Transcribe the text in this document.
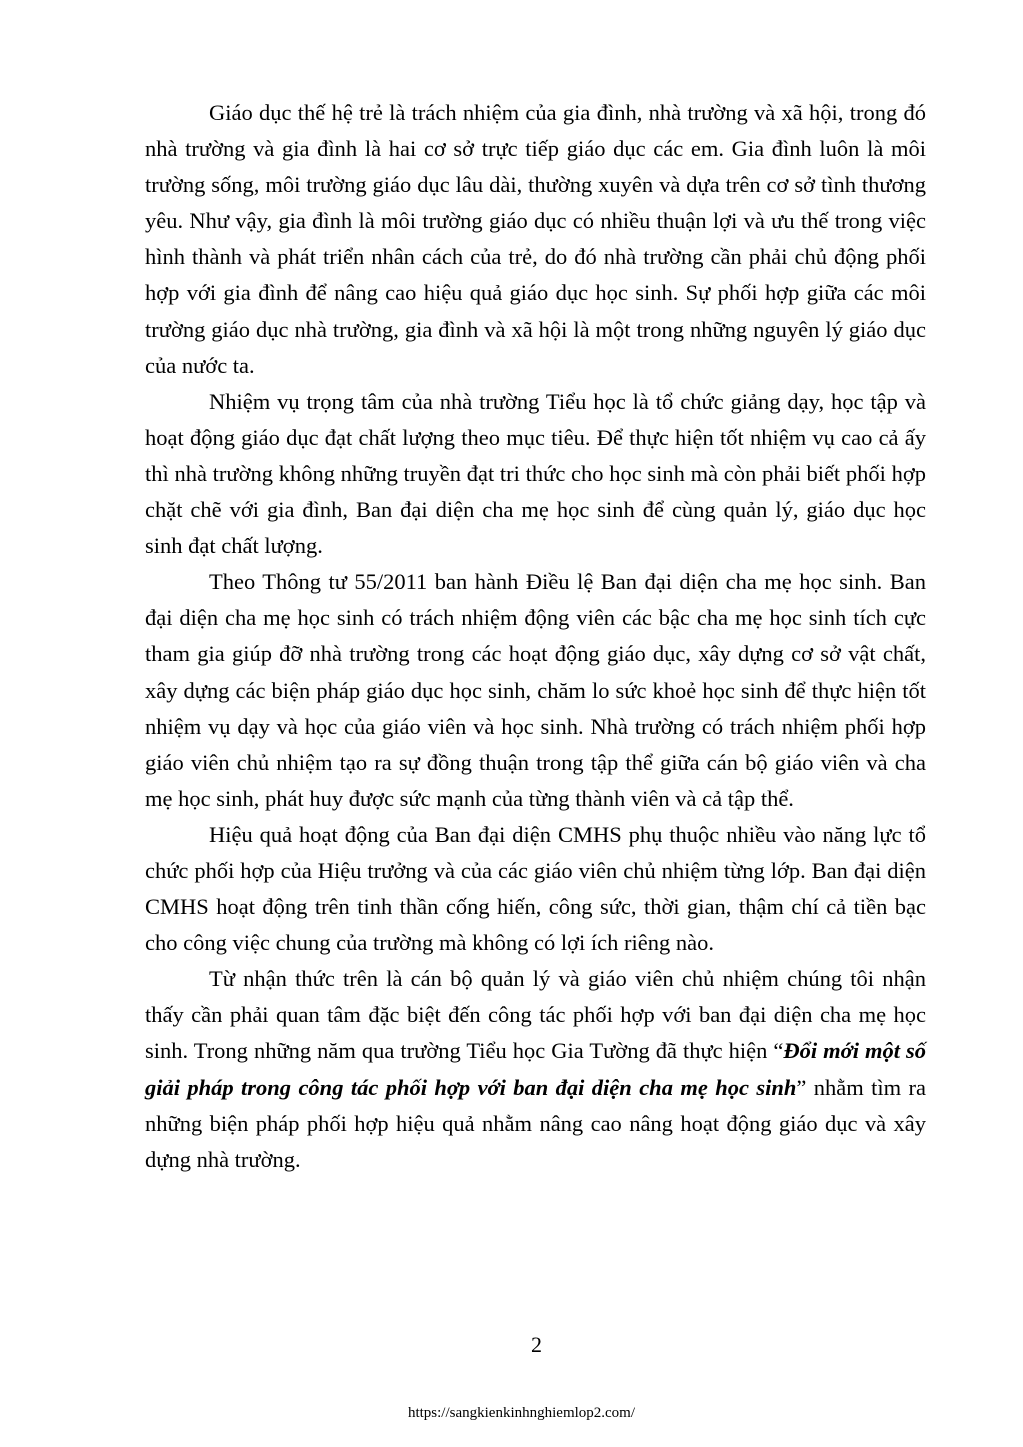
Giáo dục thế hệ trẻ là trách nhiệm của gia đình, nhà trường và xã hội, trong đó nhà trường và gia đình là hai cơ sở trực tiếp giáo dục các em. Gia đình luôn là môi trường sống, môi trường giáo dục lâu dài, thường xuyên và dựa trên cơ sở tình thương yêu. Như vậy, gia đình là môi trường giáo dục có nhiều thuận lợi và ưu thế trong việc hình thành và phát triển nhân cách của trẻ, do đó nhà trường cần phải chủ động phối hợp với gia đình để nâng cao hiệu quả giáo dục học sinh. Sự phối hợp giữa các môi trường giáo dục nhà trường, gia đình và xã hội là một trong những nguyên lý giáo dục của nước ta.

Nhiệm vụ trọng tâm của nhà trường Tiểu học là tổ chức giảng dạy, học tập và hoạt động giáo dục đạt chất lượng theo mục tiêu. Để thực hiện tốt nhiệm vụ cao cả ấy thì nhà trường không những truyền đạt tri thức cho học sinh mà còn phải biết phối hợp chặt chẽ với gia đình, Ban đại diện cha mẹ học sinh để cùng quản lý, giáo dục học sinh đạt chất lượng.

Theo Thông tư 55/2011 ban hành Điều lệ Ban đại diện cha mẹ học sinh. Ban đại diện cha mẹ học sinh có trách nhiệm động viên các bậc cha mẹ học sinh tích cực tham gia giúp đỡ nhà trường trong các hoạt động giáo dục, xây dựng cơ sở vật chất, xây dựng các biện pháp giáo dục học sinh, chăm lo sức khoẻ học sinh để thực hiện tốt nhiệm vụ dạy và học của giáo viên và học sinh. Nhà trường có trách nhiệm phối hợp giáo viên chủ nhiệm tạo ra sự đồng thuận trong tập thể giữa cán bộ giáo viên và cha mẹ học sinh, phát huy được sức mạnh của từng thành viên và cả tập thể.

Hiệu quả hoạt động của Ban đại diện CMHS phụ thuộc nhiều vào năng lực tổ chức phối hợp của Hiệu trưởng và của các giáo viên chủ nhiệm từng lớp. Ban đại diện CMHS hoạt động trên tinh thần cống hiến, công sức, thời gian, thậm chí cả tiền bạc cho công việc chung của trường mà không có lợi ích riêng nào.

Từ nhận thức trên là cán bộ quản lý và giáo viên chủ nhiệm chúng tôi nhận thấy cần phải quan tâm đặc biệt đến công tác phối hợp với ban đại diện cha mẹ học sinh. Trong những năm qua trường Tiểu học Gia Tường đã thực hiện “Đổi mới một số giải pháp trong công tác phối hợp với ban đại diện cha mẹ học sinh” nhằm tìm ra những biện pháp phối hợp hiệu quả nhằm nâng cao nâng hoạt động giáo dục và xây dựng nhà trường.

2
https://sangkienkinhnghiemlop2.com/
